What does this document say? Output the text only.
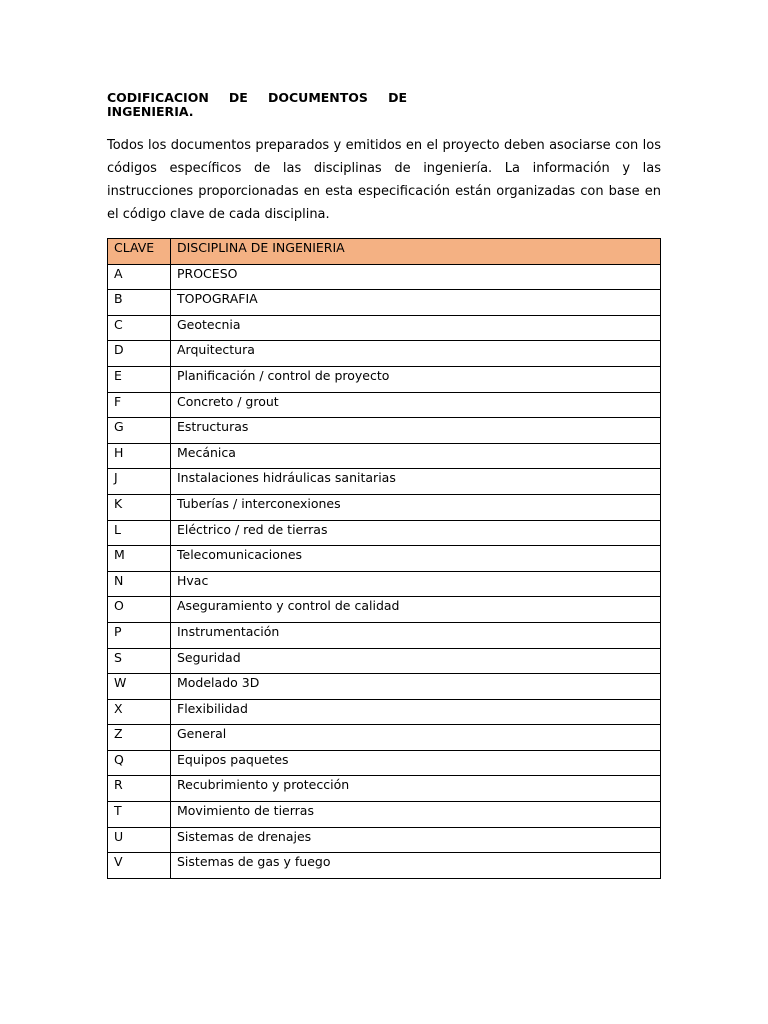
CODIFICACION DE DOCUMENTOS DE
INGENIERIA.

Todos los documentos preparados y emitidos en el proyecto deben asociarse con los códigos específicos de las disciplinas de ingeniería. La información y las instrucciones proporcionadas en esta especificación están organizadas con base en el código clave de cada disciplina.

CLAVE	DISCIPLINA DE INGENIERIA
A	PROCESO
B	TOPOGRAFIA
C	Geotecnia
D	Arquitectura
E	Planificación / control de proyecto
F	Concreto / grout
G	Estructuras
H	Mecánica
J	Instalaciones hidráulicas sanitarias
K	Tuberías / interconexiones
L	Eléctrico / red de tierras
M	Telecomunicaciones
N	Hvac
O	Aseguramiento y control de calidad
P	Instrumentación
S	Seguridad
W	Modelado 3D
X	Flexibilidad
Z	General
Q	Equipos paquetes
R	Recubrimiento y protección
T	Movimiento de tierras
U	Sistemas de drenajes
V	Sistemas de gas y fuego
